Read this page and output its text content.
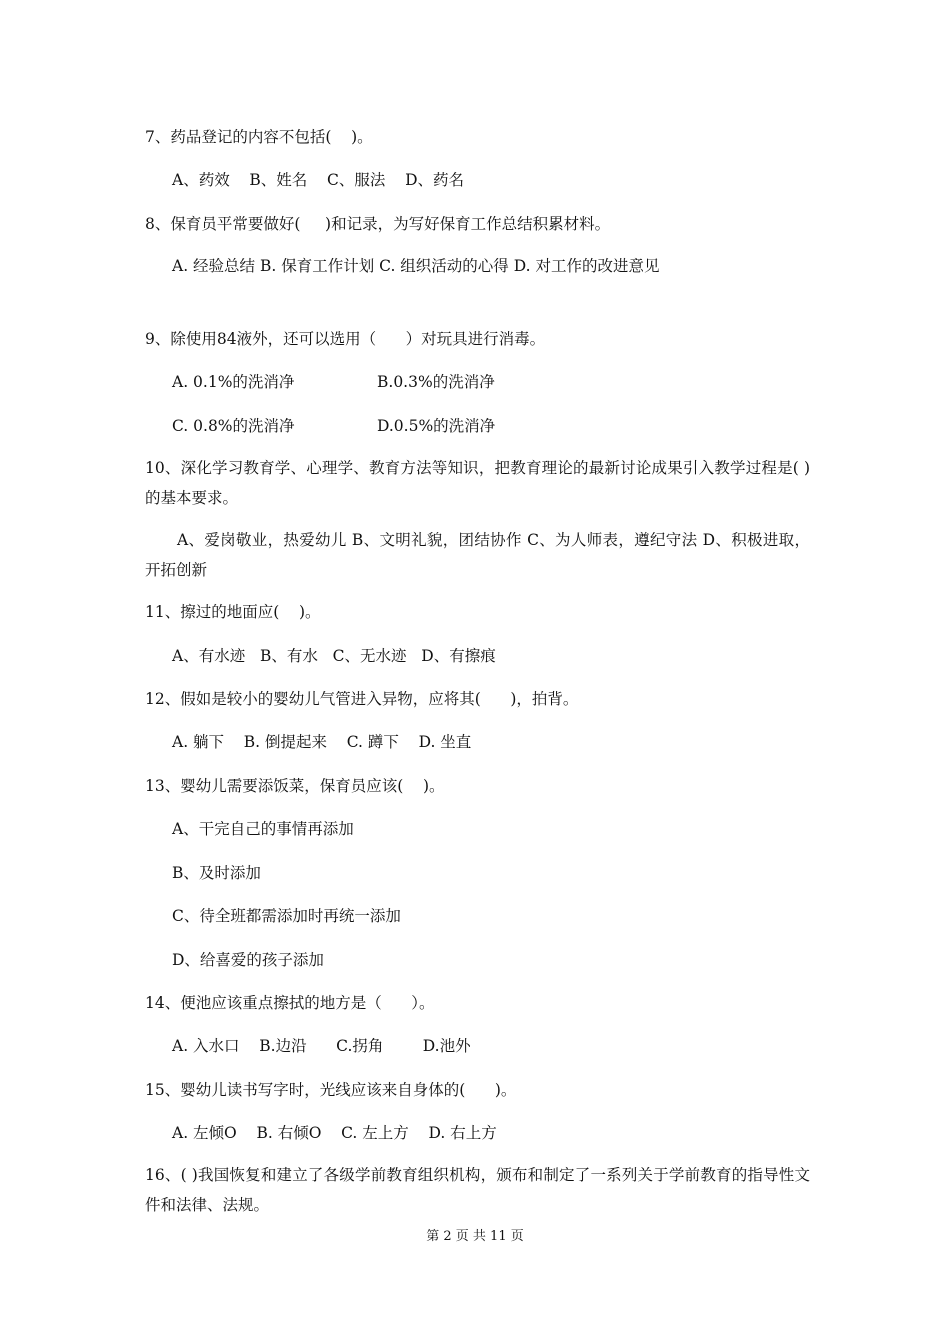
7、药品登记的内容不包括(    )。
A、药效    B、姓名    C、服法    D、药名
8、保育员平常要做好(     )和记录，为写好保育工作总结积累材料。
A. 经验总结 B. 保育工作计划 C. 组织活动的心得 D. 对工作的改进意见
9、除使用84液外，还可以选用（      ）对玩具进行消毒。
A. 0.1%的洗消净	B.0.3%的洗消净
C. 0.8%的洗消净	D.0.5%的洗消净
10、深化学习教育学、心理学、教育方法等知识，把教育理论的最新讨论成果引入教学过程是( )的基本要求。
A、爱岗敬业，热爱幼儿 B、文明礼貌，团结协作 C、为人师表，遵纪守法 D、积极进取，开拓创新
11、擦过的地面应(    )。
A、有水迹   B、有水   C、无水迹   D、有擦痕
12、假如是较小的婴幼儿气管进入异物，应将其(      )，拍背。
A. 躺下    B. 倒提起来    C. 蹲下    D. 坐直
13、婴幼儿需要添饭菜，保育员应该(    )。
A、干完自己的事情再添加
B、及时添加
C、待全班都需添加时再统一添加
D、给喜爱的孩子添加
14、便池应该重点擦拭的地方是（      ）。
A. 入水口    B.边沿      C.拐角        D.池外
15、婴幼儿读书写字时，光线应该来自身体的(      )。
A. 左倾O    B. 右倾O    C. 左上方    D. 右上方
16、( )我国恢复和建立了各级学前教育组织机构，颁布和制定了一系列关于学前教育的指导性文件和法律、法规。
第 2 页 共 11 页
